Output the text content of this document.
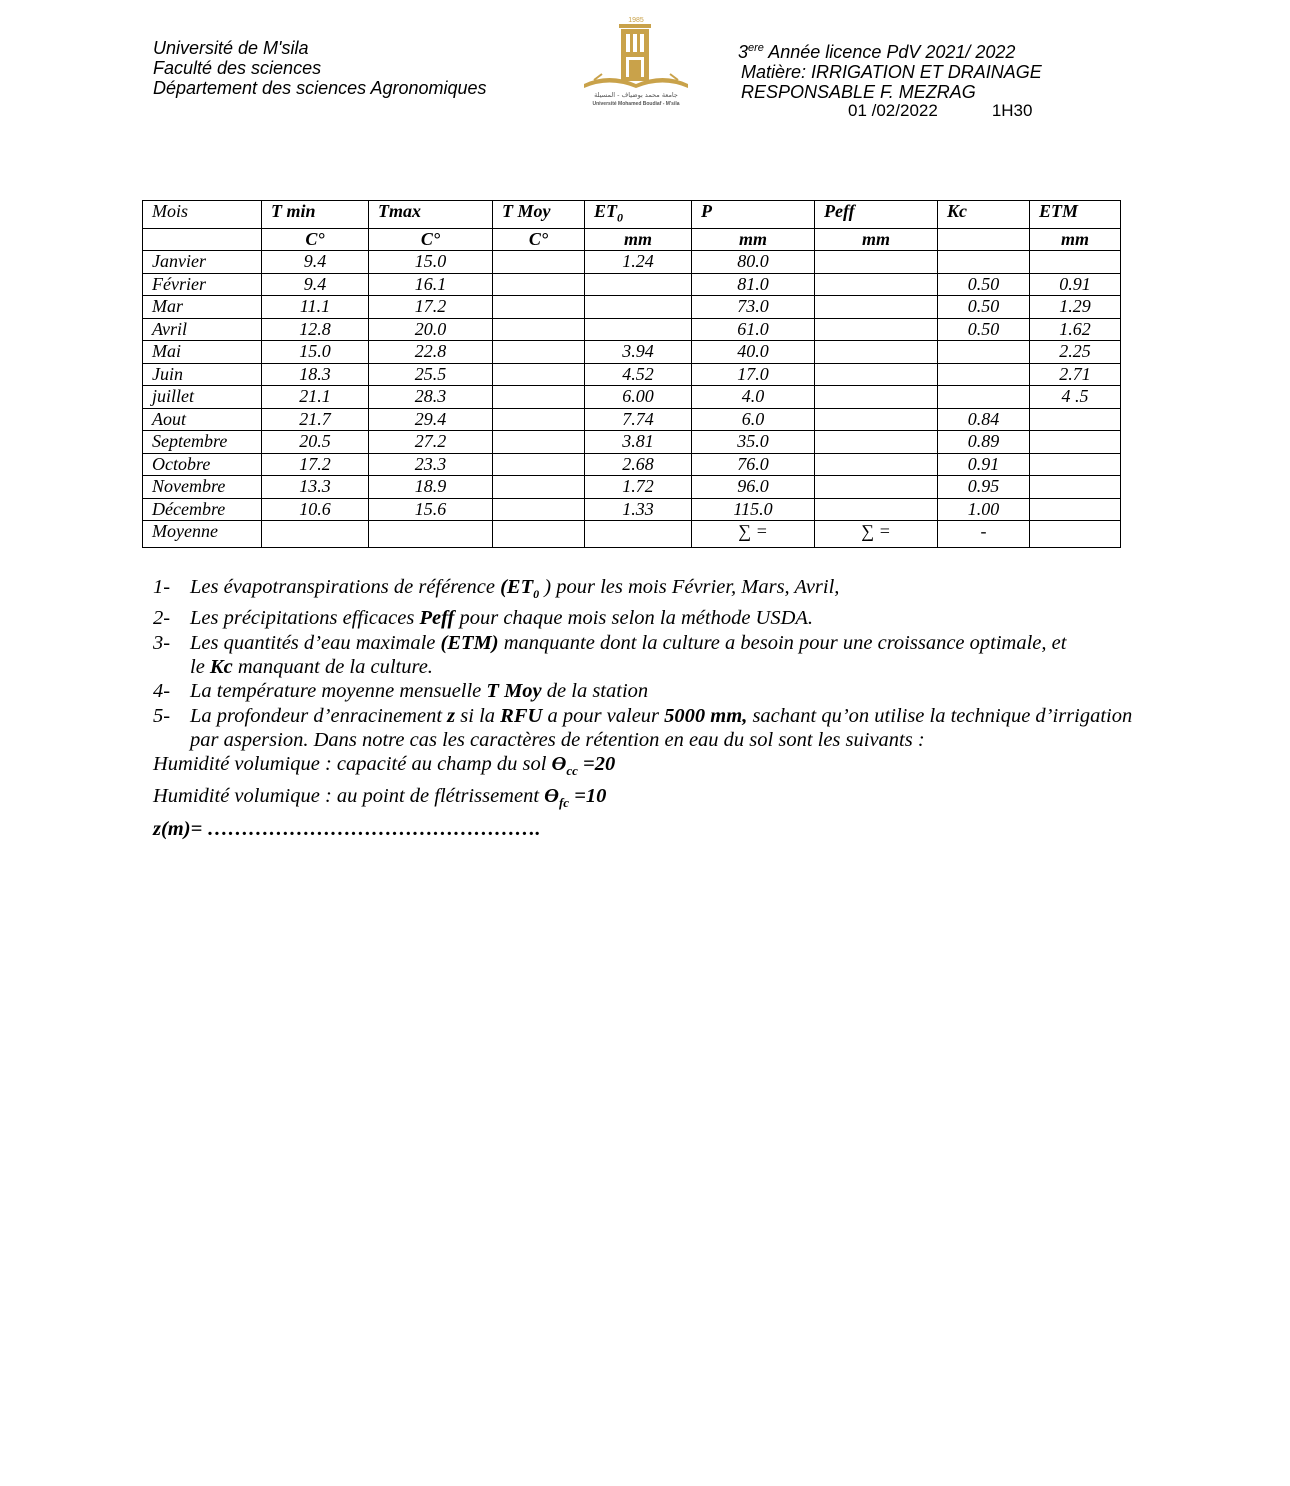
Université de M'sila
Faculté des sciences
Département des sciences Agronomiques
1985
جامعة محمد بوضياف - المسيلة
Université Mohamed Boudiaf - M'sila
3ere Année licence PdV 2021/ 2022
Matière: IRRIGATION ET DRAINAGE
RESPONSABLE F. MEZRAG
01 /02/2022	1H30
Mois	T min	Tmax	T Moy	$ET_0$	P	Peff	Kc	ETM
	C°	C°	C°	mm	mm	mm		mm
Janvier	9.4	15.0		1.24	80.0			
Février	9.4	16.1			81.0		0.50	0.91
Mar	11.1	17.2			73.0		0.50	1.29
Avril	12.8	20.0			61.0		0.50	1.62
Mai	15.0	22.8		3.94	40.0			2.25
Juin	18.3	25.5		4.52	17.0			2.71
juillet	21.1	28.3		6.00	4.0			4 .5
Aout	21.7	29.4		7.74	6.0		0.84	
Septembre	20.5	27.2		3.81	35.0		0.89	
Octobre	17.2	23.3		2.68	76.0		0.91	
Novembre	13.3	18.9		1.72	96.0		0.95	
Décembre	10.6	15.6		1.33	115.0		1.00	
Moyenne					∑ =	∑ =	-	
1- Les évapotranspirations de référence ($ET_0$ ) pour les mois Février, Mars, Avril,
2- Les précipitations efficaces Peff pour chaque mois selon la méthode USDA.
3- Les quantités d’eau maximale (ETM) manquante dont la culture a besoin pour une croissance optimale, et le Kc manquant de la culture.
4- La température moyenne mensuelle T Moy de la station
5- La profondeur d’enracinement z si la RFU a pour valeur 5000 mm, sachant qu’on utilise la technique d’irrigation par aspersion. Dans notre cas les caractères de rétention en eau du sol sont les suivants :
Humidité volumique : capacité au champ du sol $Ɵ_{cc} =20$
Humidité volumique : au point de flétrissement $Ɵ_{fc} =10$
z(m)= ………………………………………….
